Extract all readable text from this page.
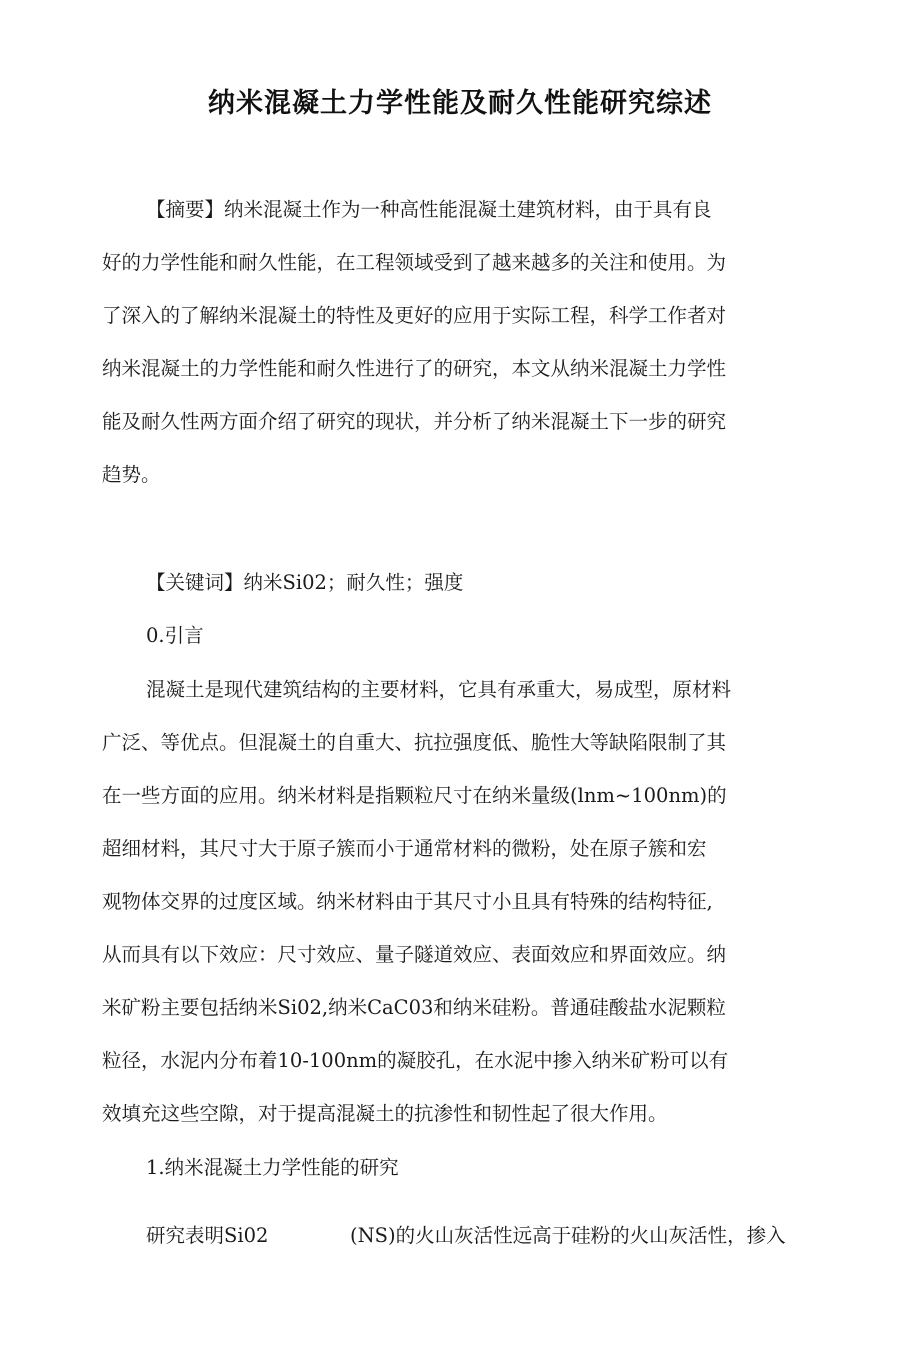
纳米混凝土力学性能及耐久性能研究综述
【摘要】纳米混凝土作为一种高性能混凝土建筑材料，由于具有良
好的力学性能和耐久性能，在工程领域受到了越来越多的关注和使用。为
了深入的了解纳米混凝土的特性及更好的应用于实际工程，科学工作者对
纳米混凝土的力学性能和耐久性进行了的研究，本文从纳米混凝土力学性
能及耐久性两方面介绍了研究的现状，并分析了纳米混凝土下一步的研究
趋势。
【关键词】纳米Si02；耐久性；强度
0.引言
混凝土是现代建筑结构的主要材料，它具有承重大，易成型，原材料
广泛、等优点。但混凝土的自重大、抗拉强度低、脆性大等缺陷限制了其
在一些方面的应用。纳米材料是指颗粒尺寸在纳米量级(lnm~100nm)的
超细材料，其尺寸大于原子簇而小于通常材料的微粉，处在原子簇和宏
观物体交界的过度区域。纳米材料由于其尺寸小且具有特殊的结构特征,
从而具有以下效应：尺寸效应、量子隧道效应、表面效应和界面效应。纳
米矿粉主要包括纳米Si02,纳米CaC03和纳米硅粉。普通硅酸盐水泥颗粒
粒径，水泥内分布着10-100nm的凝胶孔，在水泥中掺入纳米矿粉可以有
效填充这些空隙，对于提高混凝土的抗渗性和韧性起了很大作用。
1.纳米混凝土力学性能的研究
研究表明Si02	(NS)的火山灰活性远高于硅粉的火山灰活性，掺入
